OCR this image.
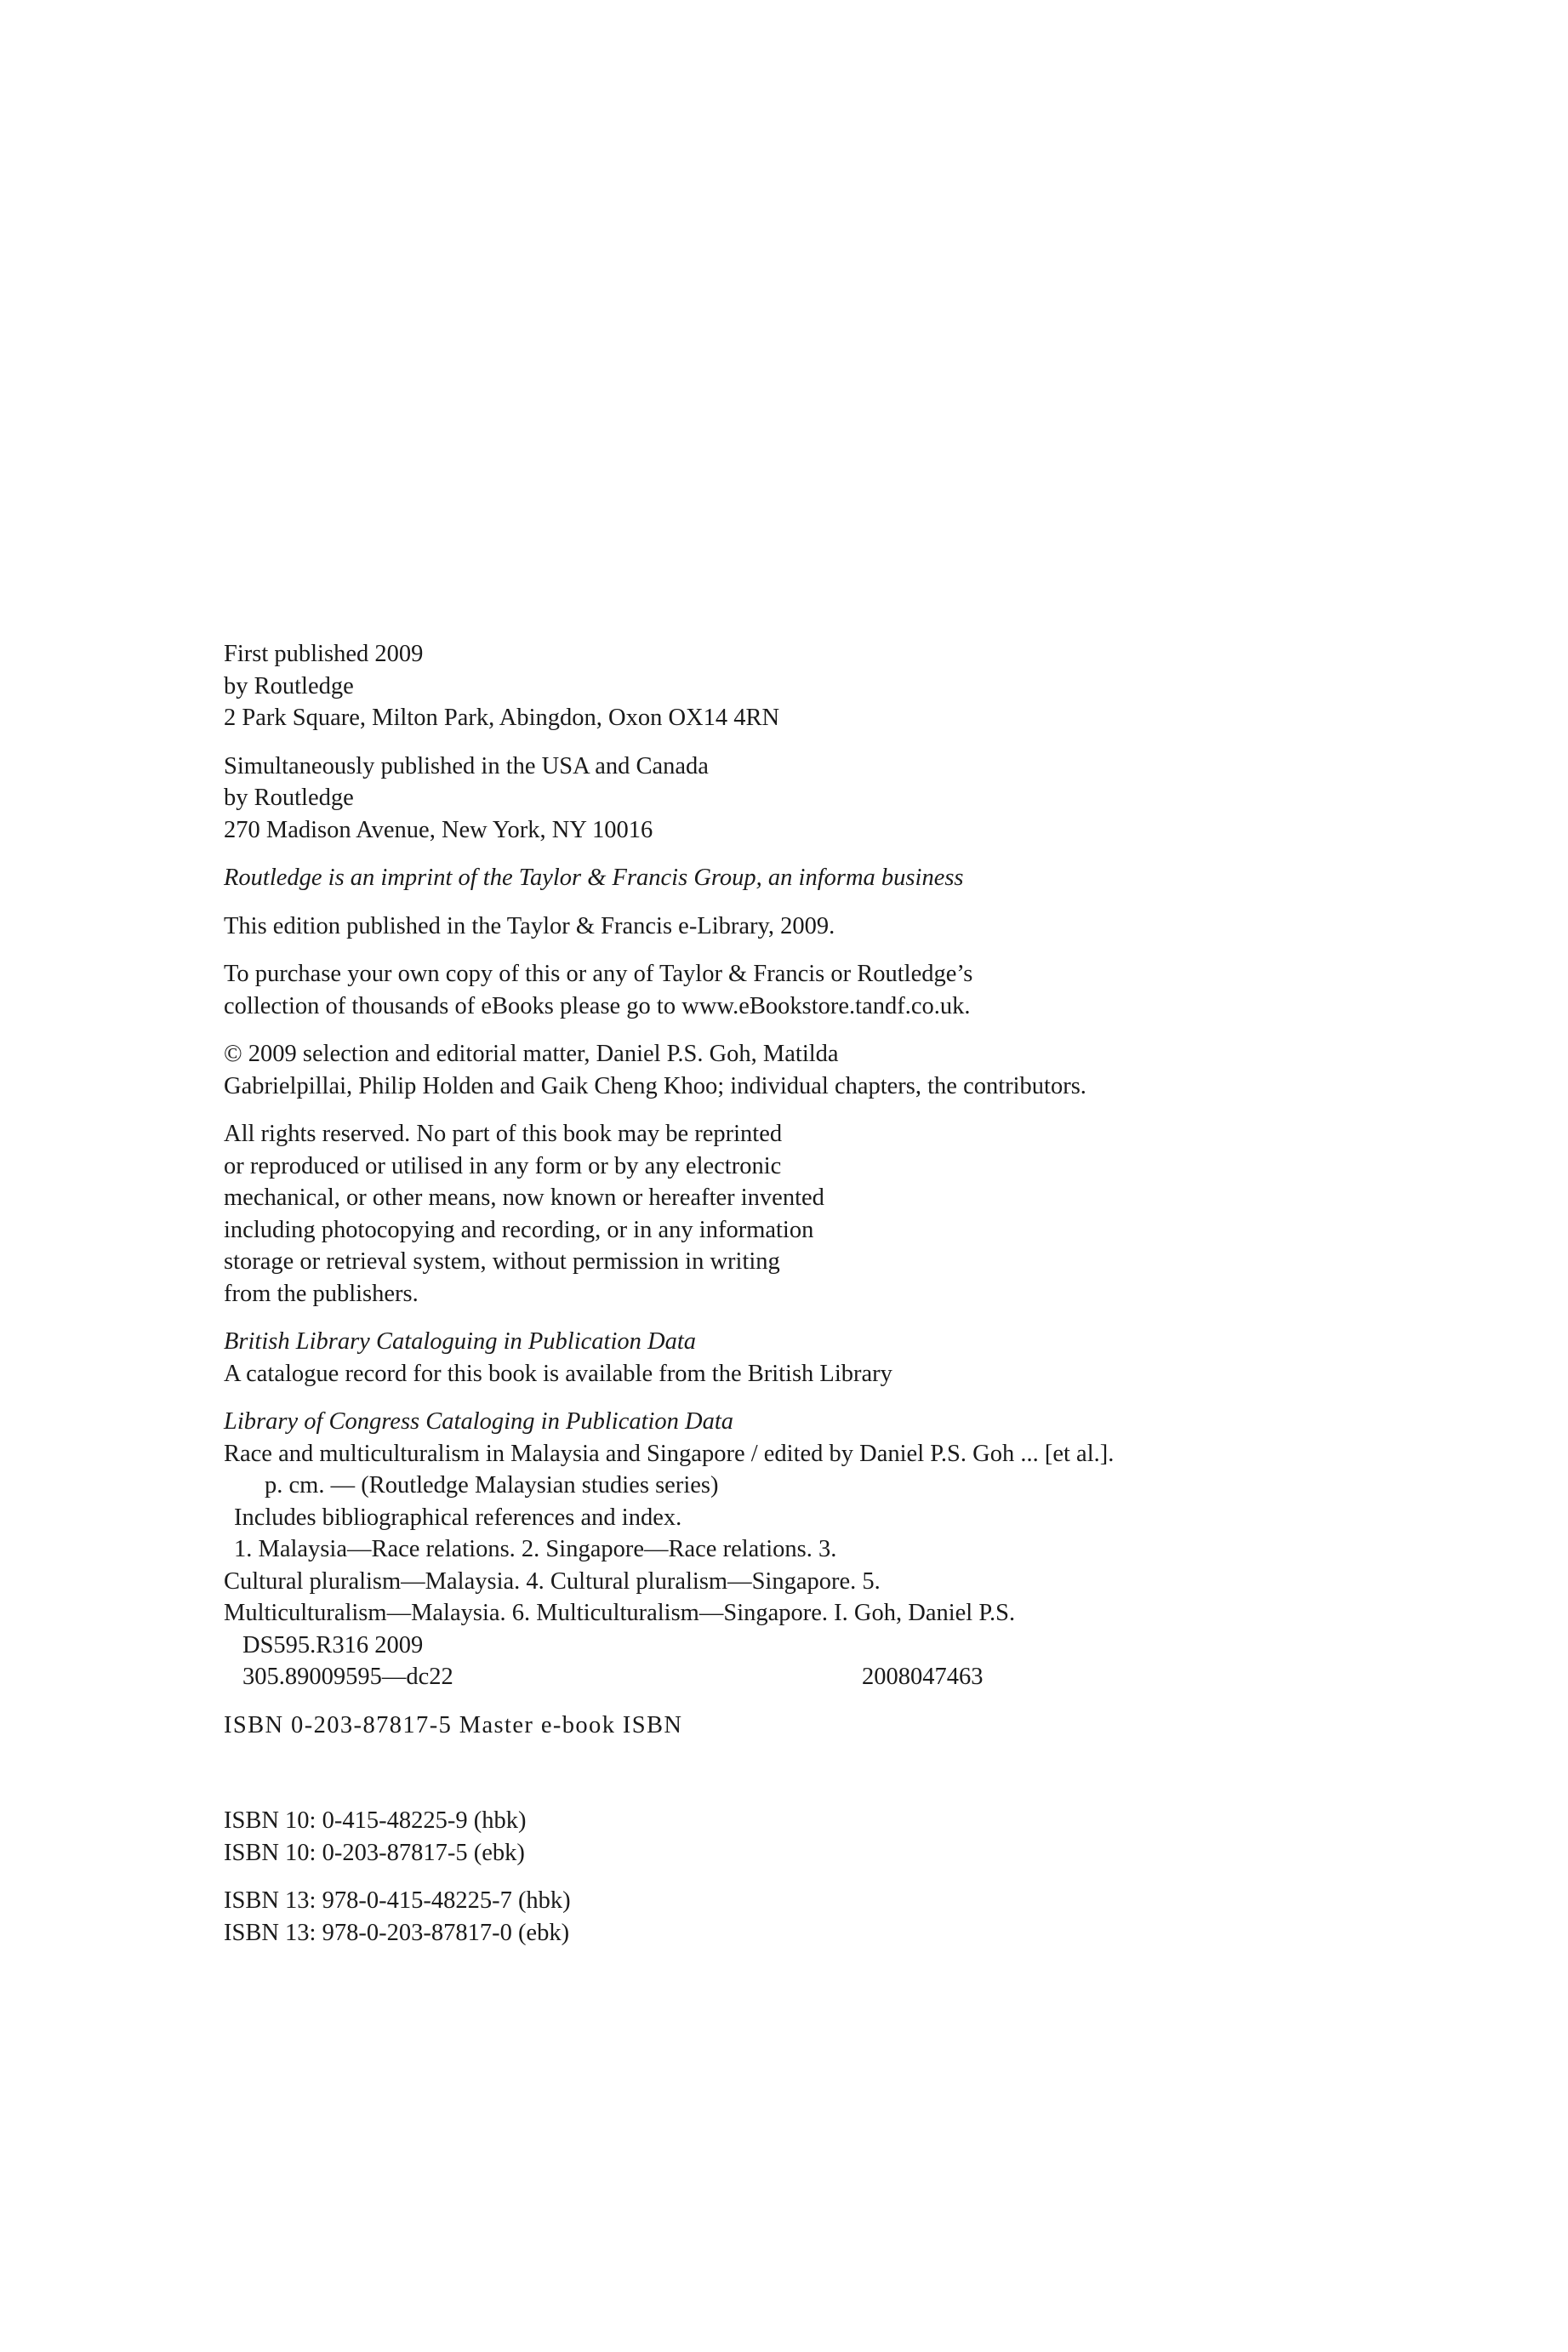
First published 2009
by Routledge
2 Park Square, Milton Park, Abingdon, Oxon OX14 4RN
Simultaneously published in the USA and Canada
by Routledge
270 Madison Avenue, New York, NY 10016
Routledge is an imprint of the Taylor & Francis Group, an informa business
This edition published in the Taylor & Francis e-Library, 2009.
To purchase your own copy of this or any of Taylor & Francis or Routledge’s
collection of thousands of eBooks please go to www.eBookstore.tandf.co.uk.
© 2009 selection and editorial matter, Daniel P.S. Goh, Matilda
Gabrielpillai, Philip Holden and Gaik Cheng Khoo; individual chapters, the contributors.
All rights reserved. No part of this book may be reprinted
or reproduced or utilised in any form or by any electronic
mechanical, or other means, now known or hereafter invented
including photocopying and recording, or in any information
storage or retrieval system, without permission in writing
from the publishers.
British Library Cataloguing in Publication Data
A catalogue record for this book is available from the British Library
Library of Congress Cataloging in Publication Data
Race and multiculturalism in Malaysia and Singapore / edited by Daniel P.S. Goh ... [et al.].
p. cm. — (Routledge Malaysian studies series)
Includes bibliographical references and index.
1. Malaysia—Race relations. 2. Singapore—Race relations. 3.
Cultural pluralism—Malaysia. 4. Cultural pluralism—Singapore. 5.
Multiculturalism—Malaysia. 6. Multiculturalism—Singapore. I. Goh, Daniel P.S.
DS595.R316 2009
305.89009595—dc22	2008047463
ISBN 0-203-87817-5 Master e-book ISBN
ISBN 10: 0-415-48225-9 (hbk)
ISBN 10: 0-203-87817-5 (ebk)
ISBN 13: 978-0-415-48225-7 (hbk)
ISBN 13: 978-0-203-87817-0 (ebk)
